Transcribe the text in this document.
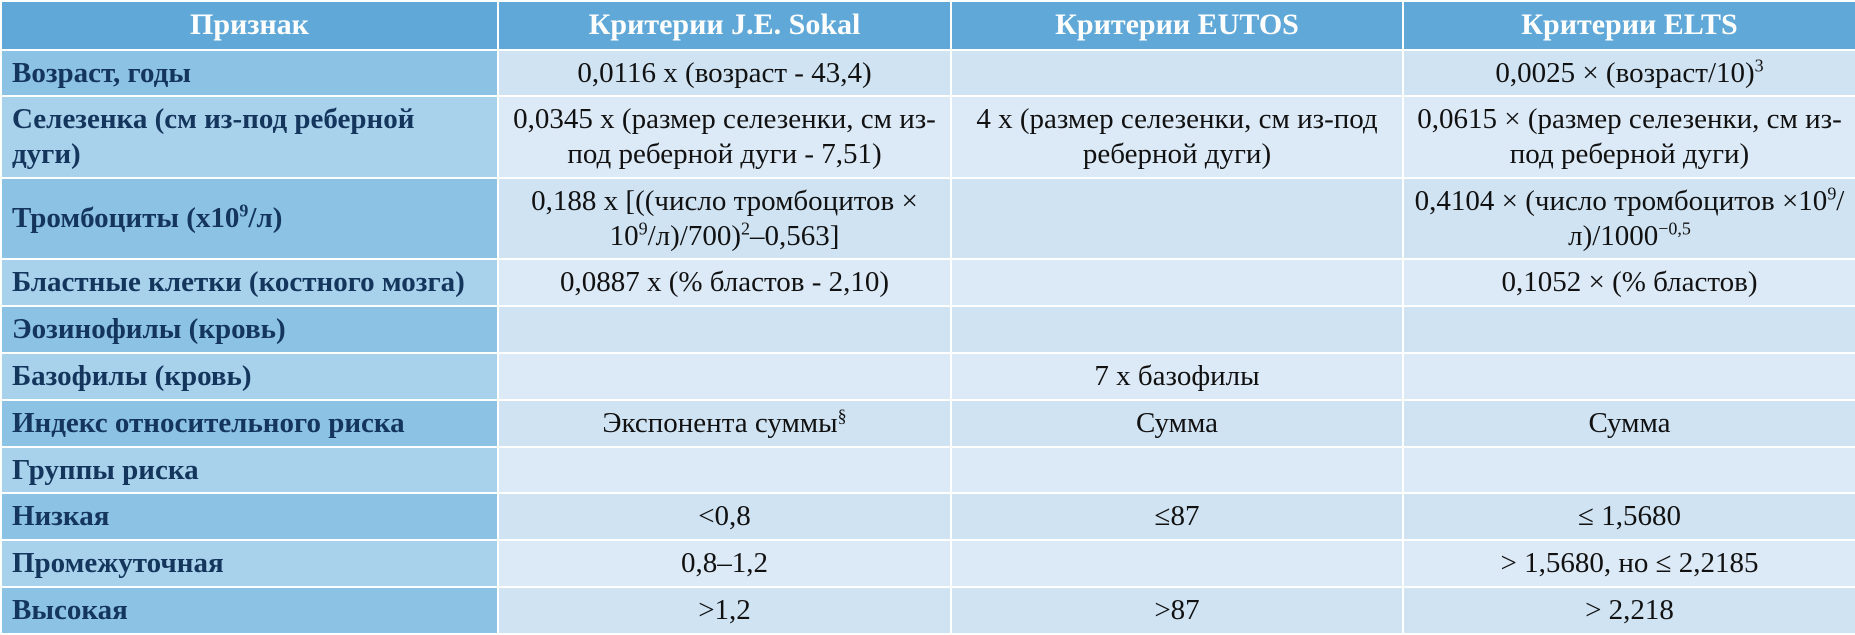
Признак	Критерии J.E. Sokal	Критерии EUTOS	Критерии ELTS
Возраст, годы	0,0116 х (возраст - 43,4)		0,0025 × (возраст/10)$^3$
Селезенка (см из-под реберной дуги)	0,0345 х (размер селезенки, см из-под реберной дуги - 7,51)	4 х (размер селезенки, см из-под реберной дуги)	0,0615 × (размер селезенки, см из-под реберной дуги)
Тромбоциты $(х10^9/л)$	0,188 х [((число тромбоцитов × $10^9/л)/700)^2-0,563$]		0,4104 × (число тромбоцитов $\times 10^9/л)/1000^{-0,5}$
Бластные клетки (костного мозга)	0,0887 х (% бластов - 2,10)		0,1052 × (% бластов)
Эозинофилы (кровь)			
Базофилы (кровь)		7 х базофилы	
Индекс относительного риска	Экспонента суммы§	Сумма	Сумма
Группы риска			
Низкая	<0,8	≤87	≤ 1,5680
Промежуточная	0,8–1,2		> 1,5680, но ≤ 2,2185
Высокая	>1,2	>87	> 2,218
